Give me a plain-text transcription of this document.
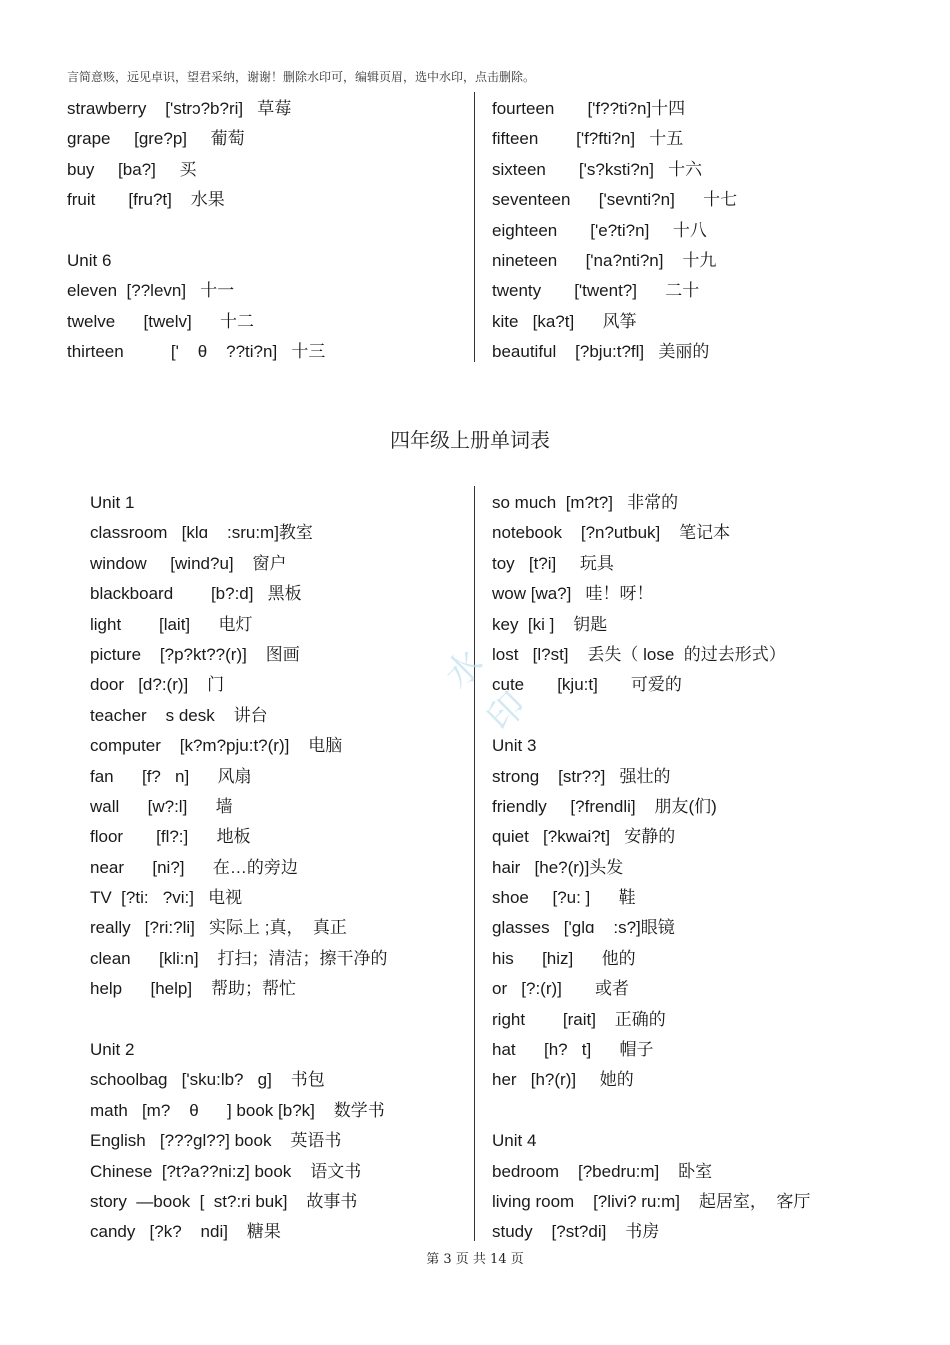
言简意赅，远见卓识，望君采纳，谢谢！删除水印可，编辑页眉，选中水印，点击删除。
strawberry    ['strɔ?b?ri]   草莓
grape     [gre?p]     葡萄
buy     [ba?]     买
fruit       [fru?t]    水果
Unit 6
eleven  [??levn]   十一
twelve      [twelv]      十二
thirteen          ['    θ    ??ti?n]   十三
fourteen       ['f??ti?n]十四
fifteen        ['f?fti?n]   十五
sixteen       ['s?ksti?n]   十六
seventeen      ['sevnti?n]      十七
eighteen       ['e?ti?n]     十八
nineteen      ['na?nti?n]    十九
twenty       ['twent?]      二十
kite   [ka?t]      风筝
beautiful    [?bju:t?fl]   美丽的
四年级上册单词表
Unit 1
classroom   [klɑ    :sru:m]教室
window     [wind?u]    窗户
blackboard        [b?:d]   黑板
light        [lait]      电灯
picture    [?p?kt??(r)]    图画
door   [d?:(r)]    门
teacher    s desk    讲台
computer    [k?m?pju:t?(r)]    电脑
fan      [f?   n]      风扇
wall      [w?:l]      墙
floor       [fl?:]      地板
near      [ni?]      在…的旁边
TV  [?ti:   ?vi:]   电视
really   [?ri:?li]   实际上 ;真，  真正
clean      [kli:n]    打扫；清洁；擦干净的
help      [help]    帮助；帮忙
Unit 2
schoolbag   ['sku:lb?   g]    书包
math   [m?    θ      ] book [b?k]    数学书
English   [???gl??] book    英语书
Chinese  [?t?a??ni:z] book    语文书
story  —book  [  st?:ri buk]    故事书
candy   [?k?    ndi]    糖果
so much  [m?t?]   非常的
notebook    [?n?utbuk]    笔记本
toy   [t?i]     玩具
wow [wa?]   哇！呀！
key  [ki ]    钥匙
lost   [l?st]    丢失（ lose  的过去形式）
cute       [kju:t]       可爱的
Unit 3
strong    [str??]   强壮的
friendly     [?frendli]    朋友(们)
quiet   [?kwai?t]   安静的
hair   [he?(r)]头发
shoe     [?u: ]      鞋
glasses   ['glɑ    :s?]眼镜
his      [hiz]      他的
or   [?:(r)]       或者
right        [rait]    正确的
hat      [h?   t]      帽子
her   [h?(r)]     她的
Unit 4
bedroom    [?bedru:m]    卧室
living room    [?livi? ru:m]    起居室，  客厅
study    [?st?di]    书房
水印
第 3 页 共 14 页
